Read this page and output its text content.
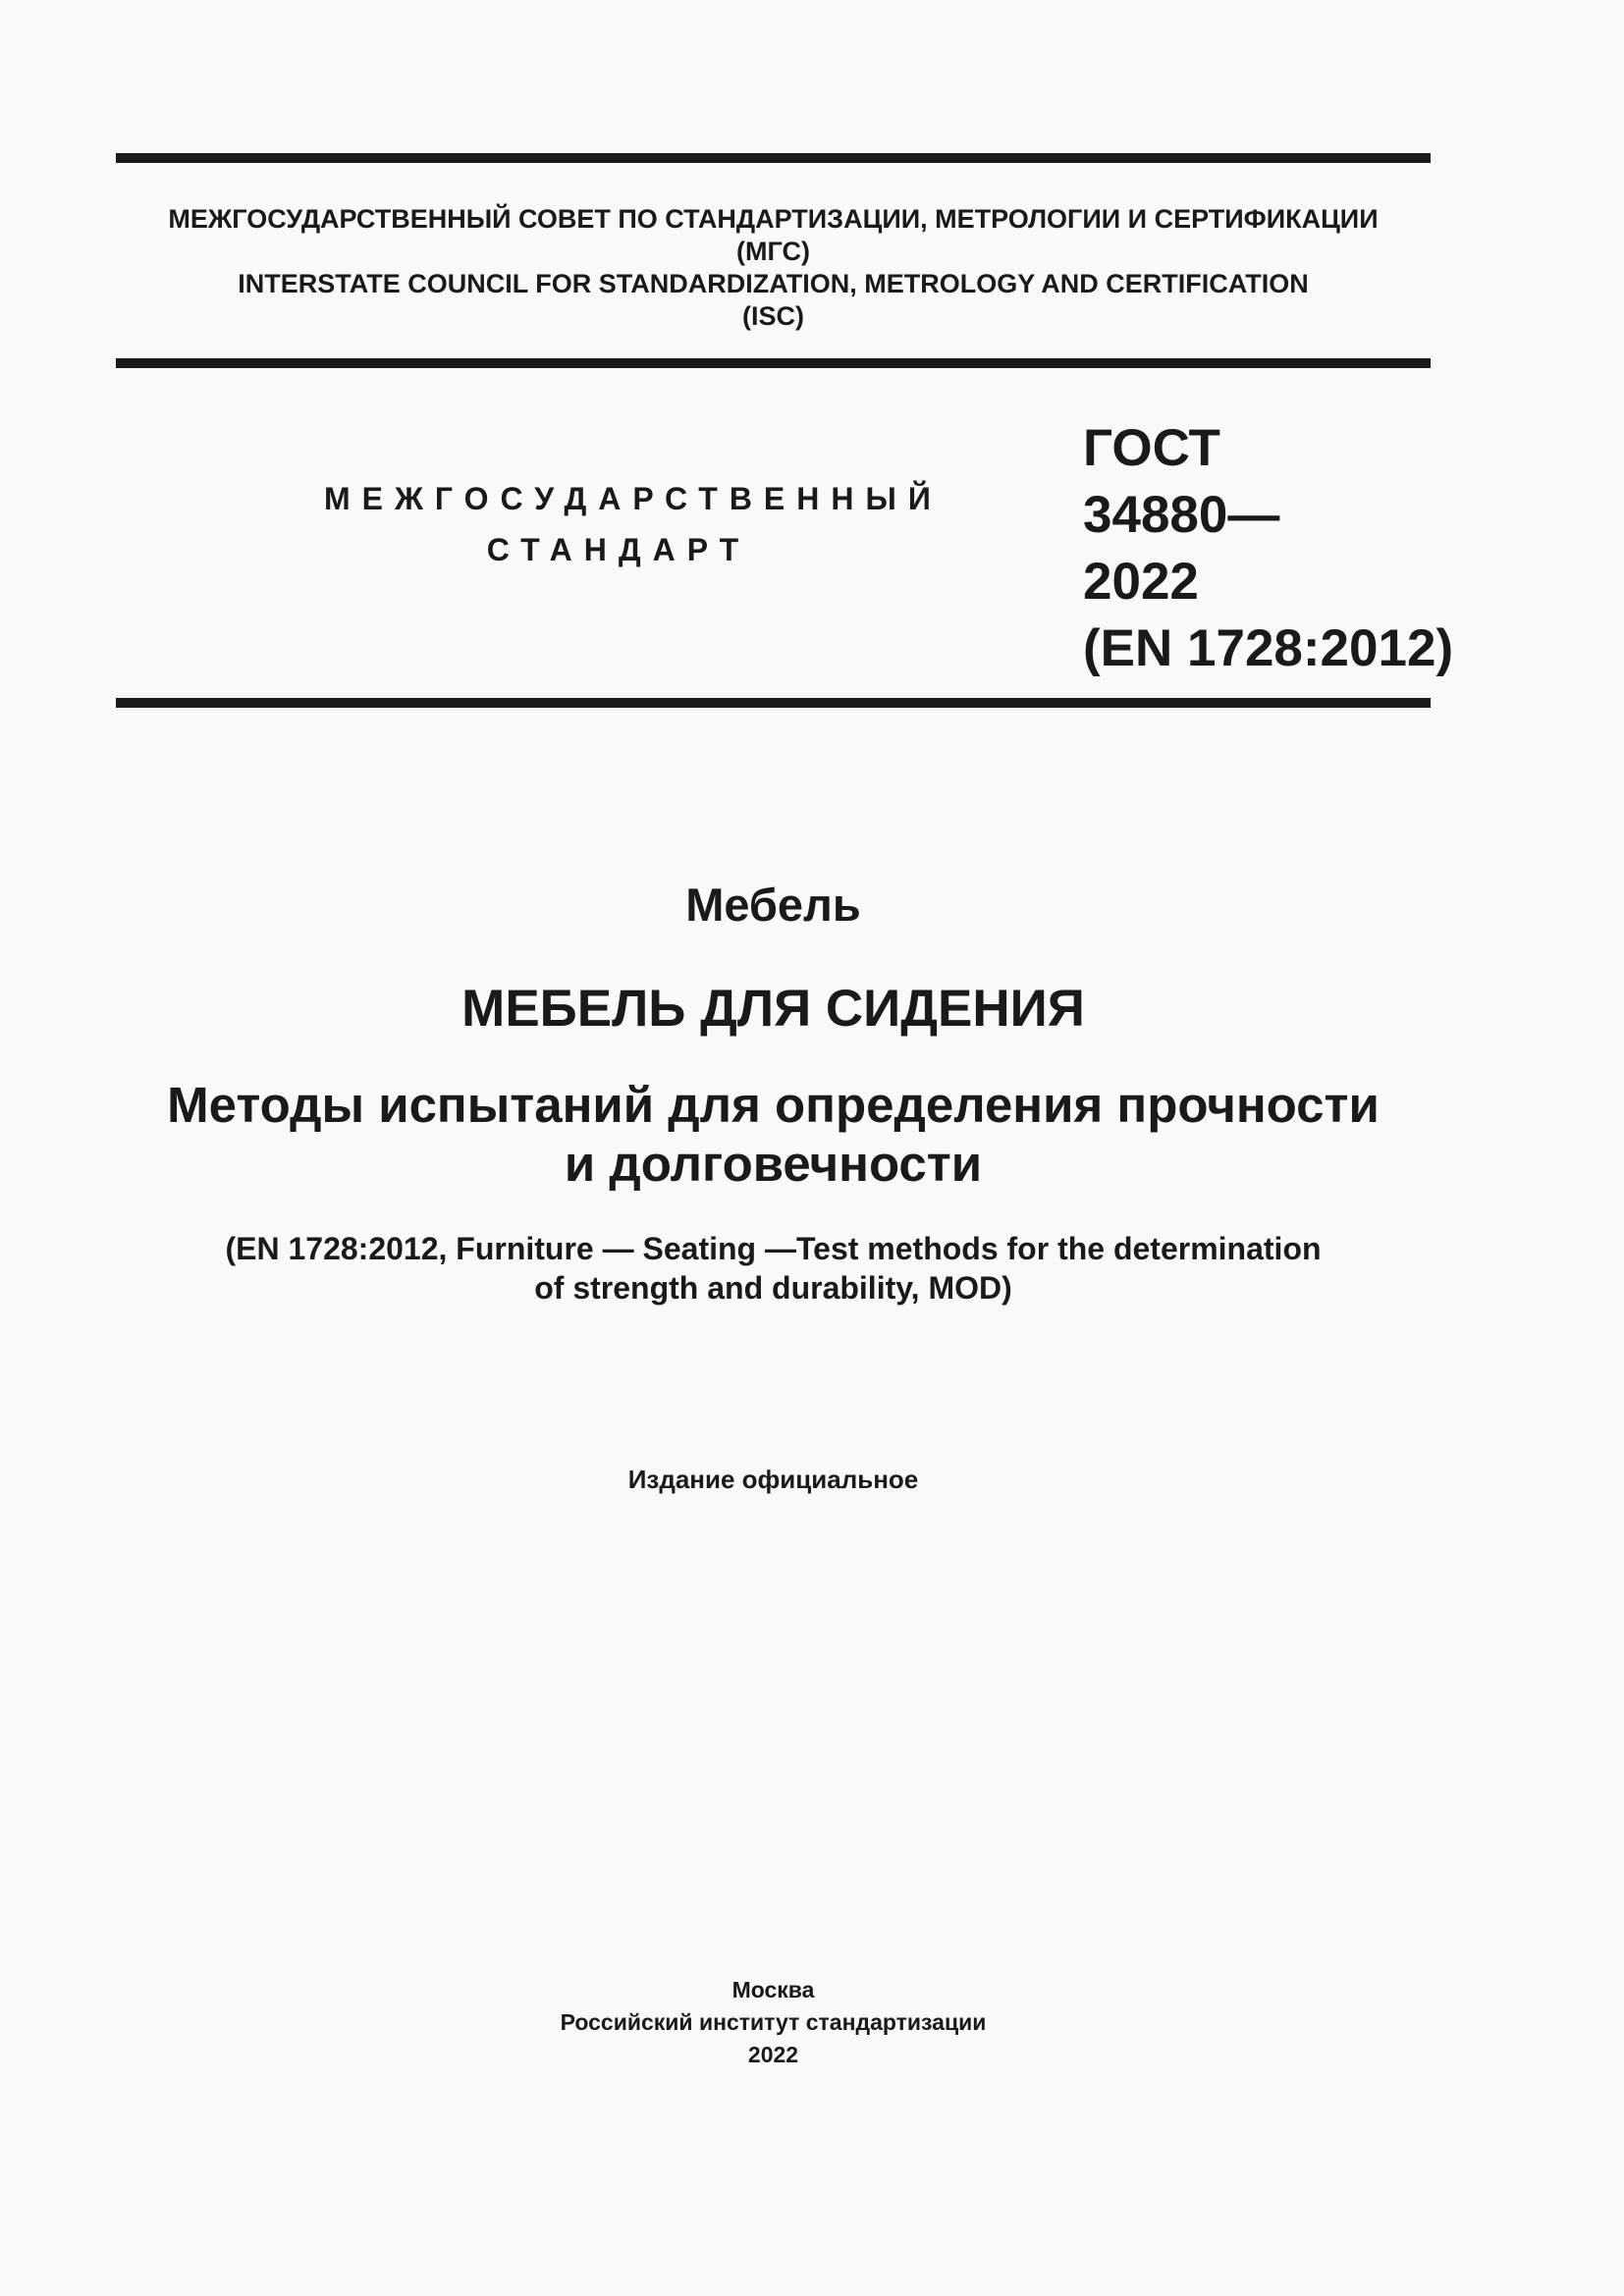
МЕЖГОСУДАРСТВЕННЫЙ СОВЕТ ПО СТАНДАРТИЗАЦИИ, МЕТРОЛОГИИ И СЕРТИФИКАЦИИ
(МГС)
INTERSTATE COUNCIL FOR STANDARDIZATION, METROLOGY AND CERTIFICATION
(ISC)
МЕЖГОСУДАРСТВЕННЫЙ
СТАНДАРТ
ГОСТ
34880—
2022
(EN 1728:2012)
Мебель
МЕБЕЛЬ ДЛЯ СИДЕНИЯ
Методы испытаний для определения прочности
и долговечности
(EN 1728:2012, Furniture — Seating —Test methods for the determination
of strength and durability, MOD)
Издание официальное
Москва
Российский институт стандартизации
2022
